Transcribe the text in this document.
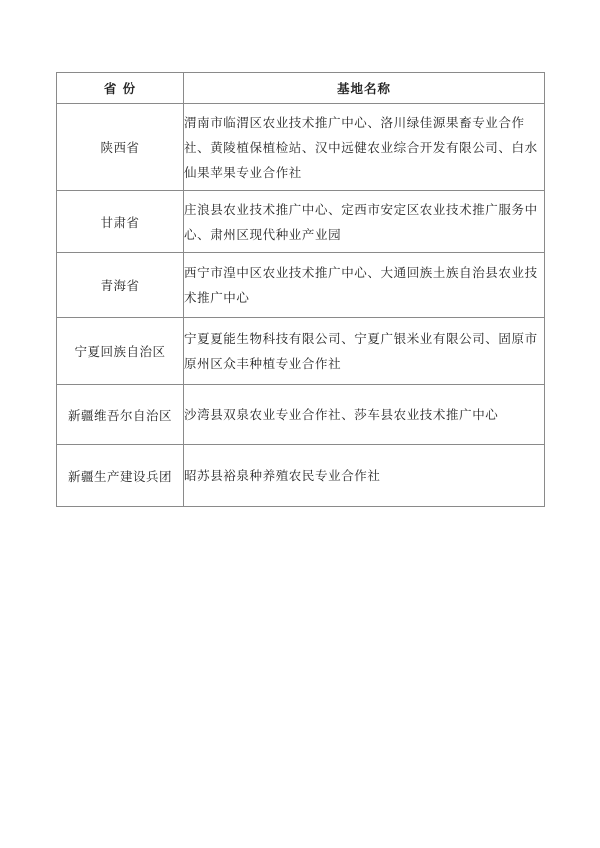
省 份	基地名称
陕西省	渭南市临渭区农业技术推广中心、洛川绿佳源果畜专业合作社、黄陵植保植检站、汉中远健农业综合开发有限公司、白水仙果苹果专业合作社
甘肃省	庄浪县农业技术推广中心、定西市安定区农业技术推广服务中心、肃州区现代种业产业园
青海省	西宁市湟中区农业技术推广中心、大通回族土族自治县农业技术推广中心
宁夏回族自治区	宁夏夏能生物科技有限公司、宁夏广银米业有限公司、固原市原州区众丰种植专业合作社
新疆维吾尔自治区	沙湾县双泉农业专业合作社、莎车县农业技术推广中心
新疆生产建设兵团	昭苏县裕泉种养殖农民专业合作社
